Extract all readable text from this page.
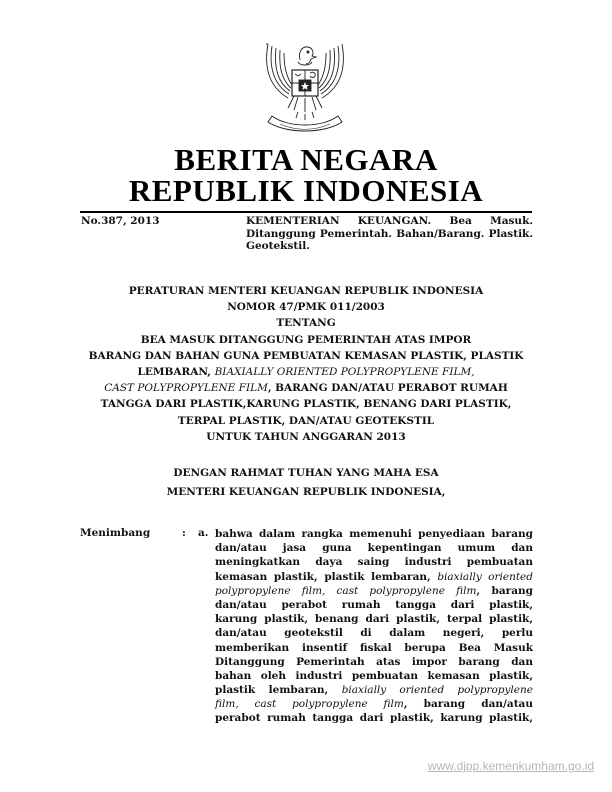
BERITA NEGARA
REPUBLIK INDONESIA
No.387, 2013	KEMENTERIAN KEUANGAN. Bea Masuk. Ditanggung Pemerintah. Bahan/Barang. Plastik. Geotekstil.
PERATURAN MENTERI KEUANGAN REPUBLIK INDONESIA
NOMOR 47/PMK 011/2003
TENTANG
BEA MASUK DITANGGUNG PEMERINTAH ATAS IMPOR
BARANG DAN BAHAN GUNA PEMBUATAN KEMASAN PLASTIK, PLASTIK
LEMBARAN, BIAXIALLY ORIENTED POLYPROPYLENE FILM,
CAST POLYPROPYLENE FILM, BARANG DAN/ATAU PERABOT RUMAH
TANGGA DARI PLASTIK,KARUNG PLASTIK, BENANG DARI PLASTIK,
TERPAL PLASTIK, DAN/ATAU GEOTEKSTIL
UNTUK TAHUN ANGGARAN 2013
DENGAN RAHMAT TUHAN YANG MAHA ESA
MENTERI KEUANGAN REPUBLIK INDONESIA,
Menimbang	: a. bahwa dalam rangka memenuhi penyediaan barang
dan/atau jasa guna kepentingan umum dan
meningkatkan daya saing industri pembuatan
kemasan plastik, plastik lembaran, biaxially oriented
polypropylene film, cast polypropylene film, barang
dan/atau perabot rumah tangga dari plastik,
karung plastik, benang dari plastik, terpal plastik,
dan/atau geotekstil di dalam negeri, perlu
memberikan insentif fiskal berupa Bea Masuk
Ditanggung Pemerintah atas impor barang dan
bahan oleh industri pembuatan kemasan plastik,
plastik lembaran, biaxially oriented polypropylene
film, cast polypropylene film, barang dan/atau
perabot rumah tangga dari plastik, karung plastik,
www.djpp.kemenkumham.go.id
